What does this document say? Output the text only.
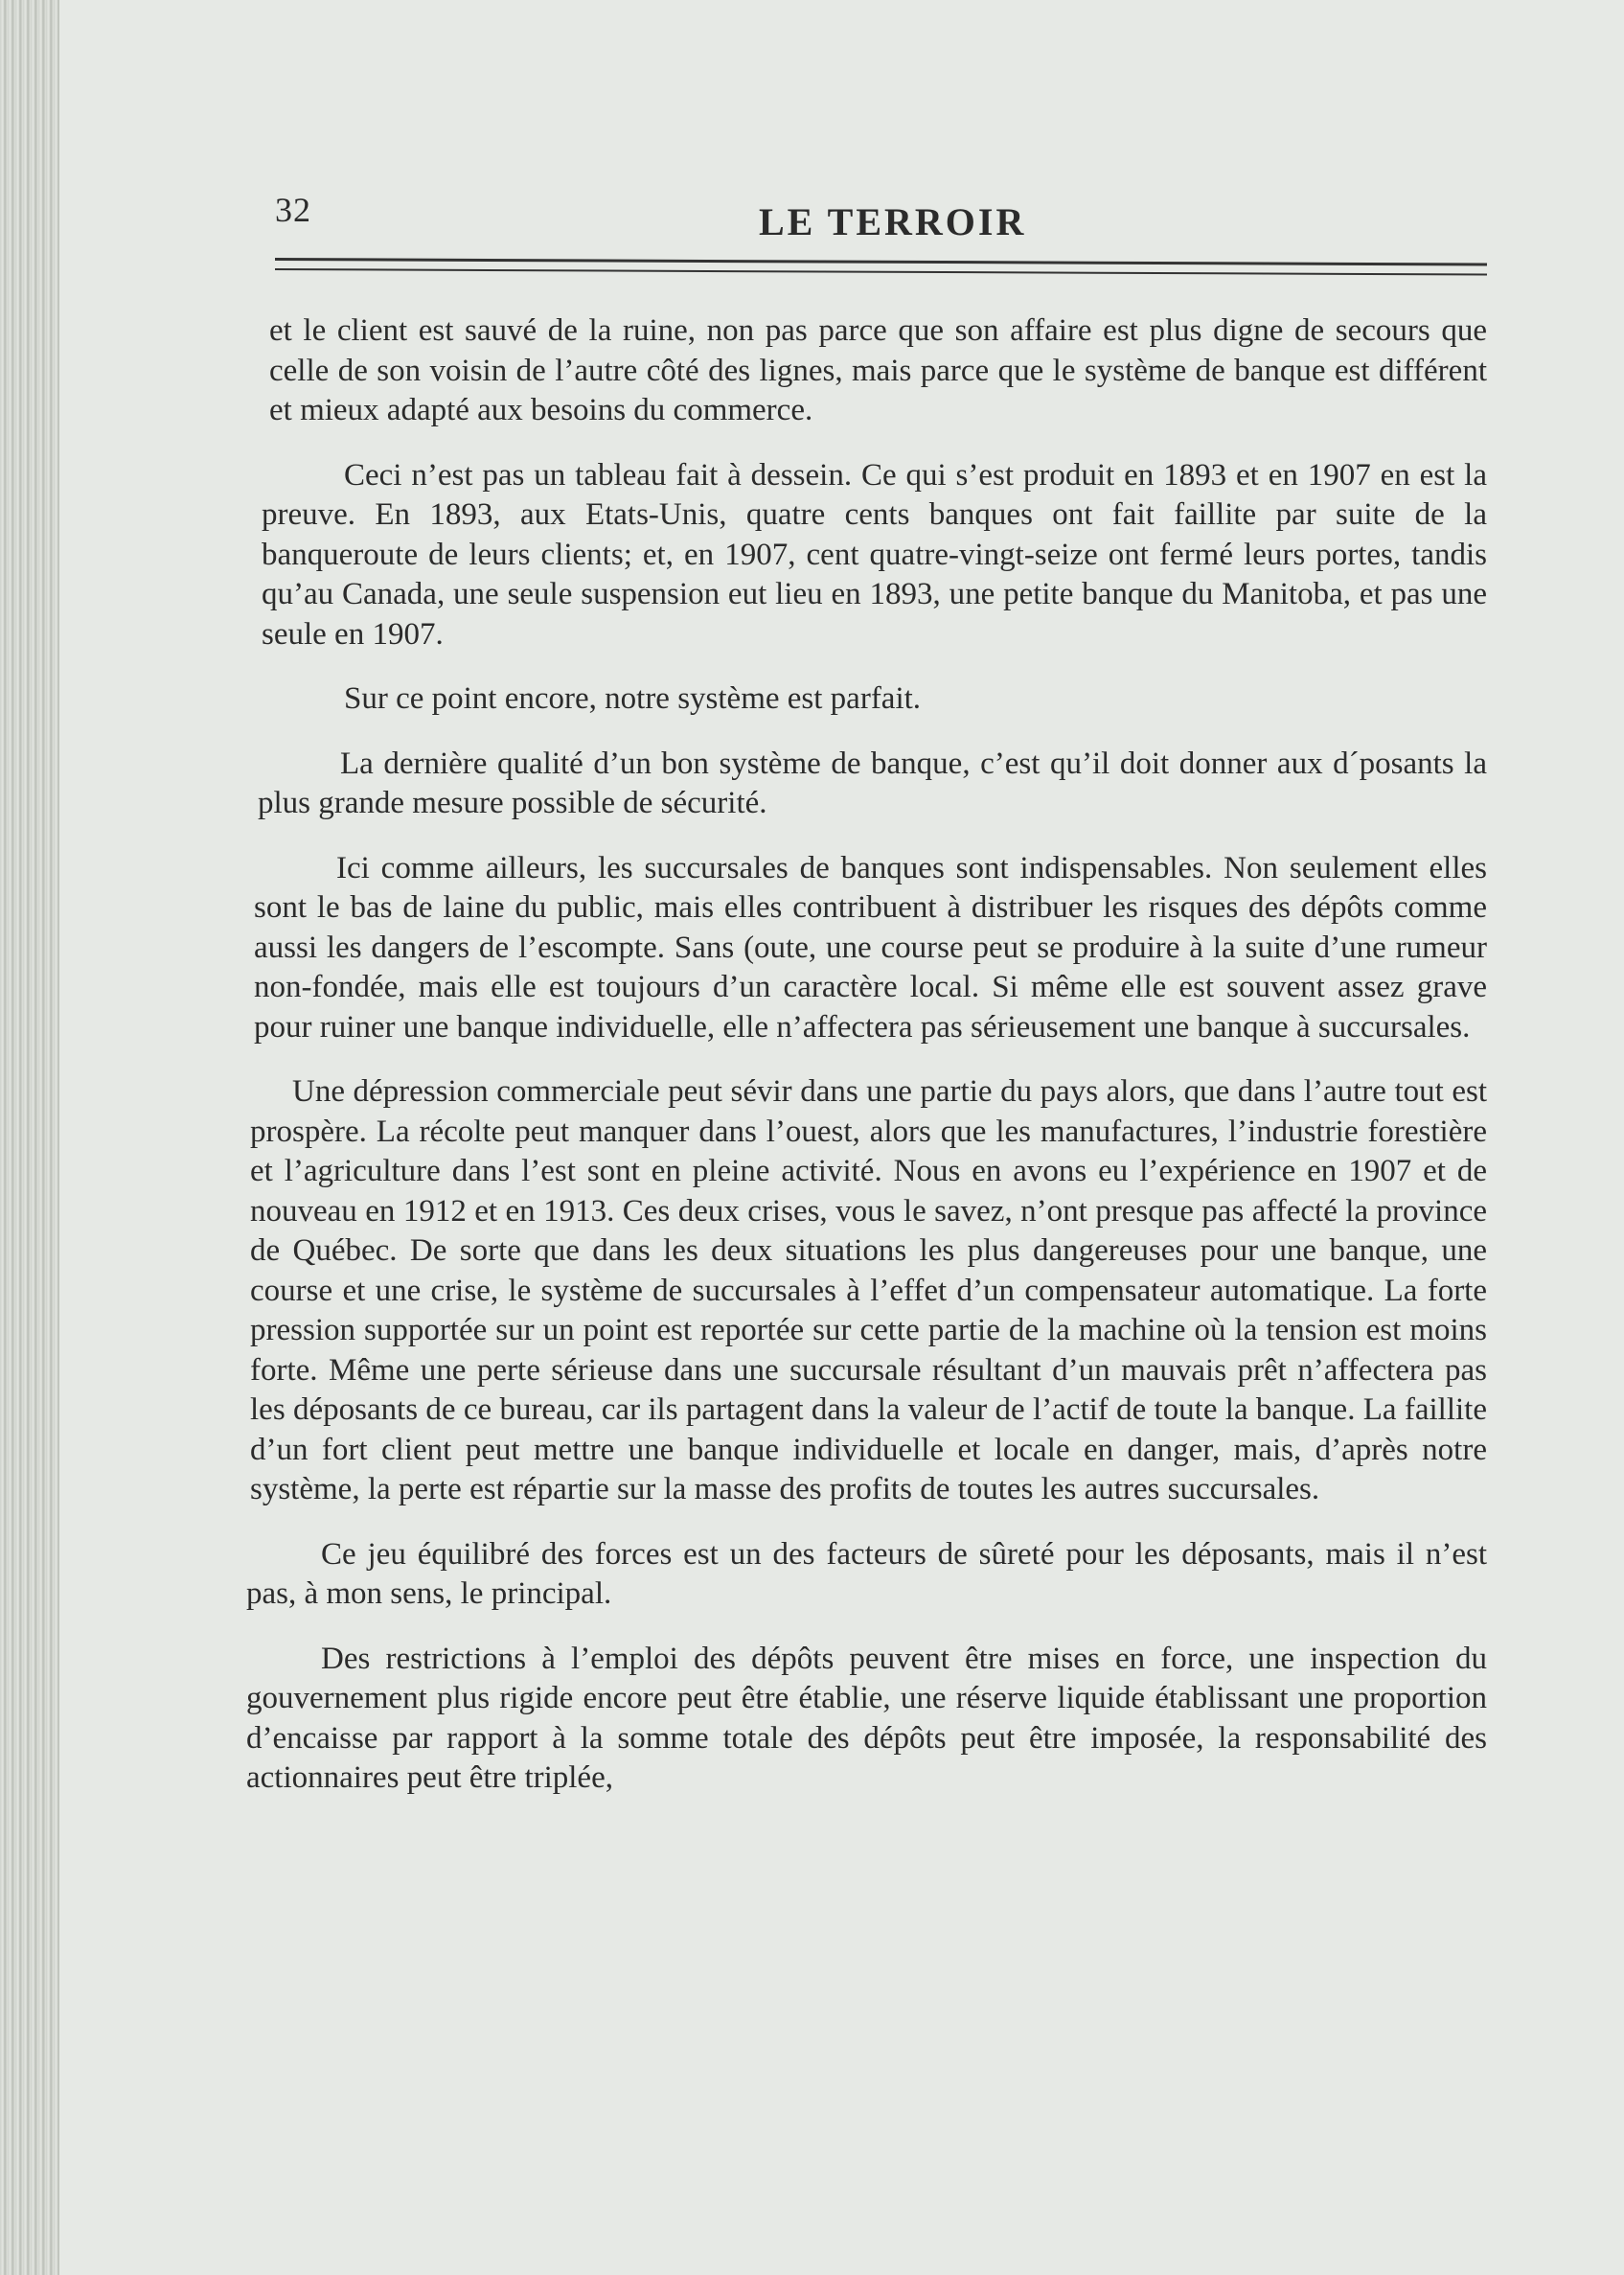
32	LE TERROIR

et le client est sauvé de la ruine, non pas parce que son affaire est plus digne de secours que celle de son voisin de l’autre côté des lignes, mais parce que le système de banque est différent et mieux adapté aux besoins du commerce.

Ceci n’est pas un tableau fait à dessein. Ce qui s’est produit en 1893 et en 1907 en est la preuve. En 1893, aux Etats-Unis, quatre cents banques ont fait faillite par suite de la banqueroute de leurs clients; et, en 1907, cent quatre-vingt-seize ont fermé leurs portes, tandis qu’au Canada, une seule suspension eut lieu en 1893, une petite banque du Manitoba, et pas une seule en 1907.

Sur ce point encore, notre système est parfait.

La dernière qualité d’un bon système de banque, c’est qu’il doit donner aux d´posants la plus grande mesure possible de sécurité.

Ici comme ailleurs, les succursales de banques sont indispensables. Non seulement elles sont le bas de laine du public, mais elles contribuent à distribuer les risques des dépôts comme aussi les dangers de l’escompte. Sans (oute, une course peut se produire à la suite d’une rumeur non-fondée, mais elle est toujours d’un caractère local. Si même elle est souvent assez grave pour ruiner une banque individuelle, elle n’affectera pas sérieusement une banque à succursales.

Une dépression commerciale peut sévir dans une partie du pays alors, que dans l’autre tout est prospère. La récolte peut manquer dans l’ouest, alors que les manufactures, l’industrie forestière et l’agriculture dans l’est sont en pleine activité. Nous en avons eu l’expérience en 1907 et de nouveau en 1912 et en 1913. Ces deux crises, vous le savez, n’ont presque pas affecté la province de Québec. De sorte que dans les deux situations les plus dangereuses pour une banque, une course et une crise, le système de succursales à l’effet d’un compensateur automatique. La forte pression supportée sur un point est reportée sur cette partie de la machine où la tension est moins forte. Même une perte sérieuse dans une succursale résultant d’un mauvais prêt n’affectera pas les déposants de ce bureau, car ils partagent dans la valeur de l’actif de toute la banque. La faillite d’un fort client peut mettre une banque individuelle et locale en danger, mais, d’après notre système, la perte est répartie sur la masse des profits de toutes les autres succursales.

Ce jeu équilibré des forces est un des facteurs de sûreté pour les déposants, mais il n’est pas, à mon sens, le principal.

Des restrictions à l’emploi des dépôts peuvent être mises en force, une inspection du gouvernement plus rigide encore peut être établie, une réserve liquide établissant une proportion d’encaisse par rapport à la somme totale des dépôts peut être imposée, la responsabilité des actionnaires peut être triplée,
